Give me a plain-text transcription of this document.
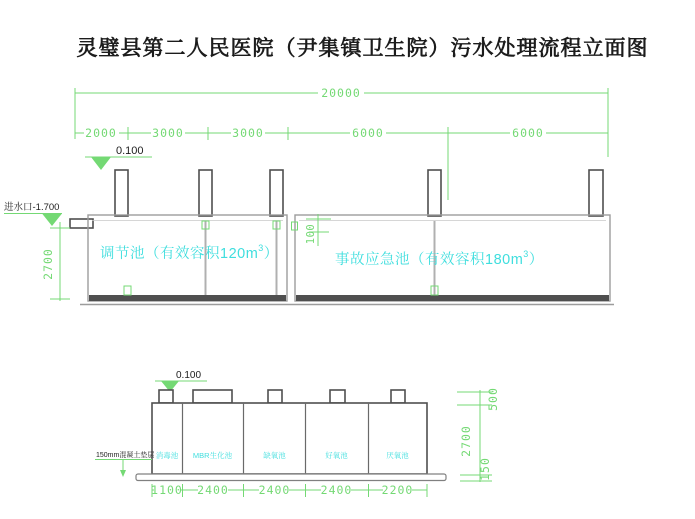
灵璧县第二人民医院（尹集镇卫生院）污水处理流程立面图
20000
2000	3000	3000	6000	6000
0.100
进水口-1.700
2700
100
调节池（有效容积$120m^3$）	事故应急池（有效容积$180m^3$）
0.100
150mm混凝土垫层 消毒池 MBR生化池	缺氧池	好氧池	厌氧池
1100 2400	2400	2400	2200
500
2700
150
